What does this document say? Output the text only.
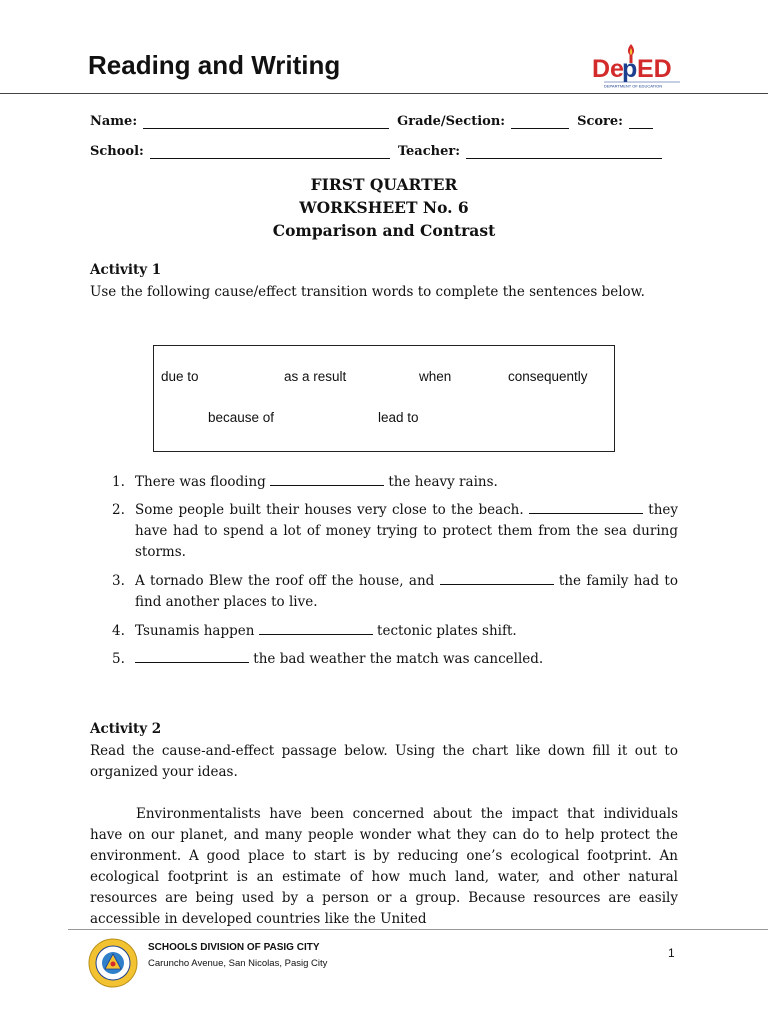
Reading and Writing	De
p ED
DEPARTMENT OF EDUCATION
Name:	Grade/Section:	Score:
School:	Teacher:
FIRST QUARTER
WORKSHEET No. 6
Comparison and Contrast
Activity 1
Use the following cause/effect transition words to complete the sentences below.
due to	as a result	when	consequently
because of	lead to
1. There was flooding	the heavy rains.
2. Some people built their houses very close to the beach.	they have had to spend a lot of money trying to protect them from the sea during storms.
3. A tornado Blew the roof off the house, and	the family had to find another places to live.
4. Tsunamis happen	tectonic plates shift.
5.	the bad weather the match was cancelled.
Activity 2
Read the cause-and-effect passage below. Using the chart like down fill it out to organized your ideas.
Environmentalists have been concerned about the impact that individuals have on our planet, and many people wonder what they can do to help protect the environment. A good place to start is by reducing one’s ecological footprint. An ecological footprint is an estimate of how much land, water, and other natural resources are being used by a person or a group. Because resources are easily accessible in developed countries like the United
SCHOOLS DIVISION OF PASIG CITY
Caruncho Avenue, San Nicolas, Pasig City
1
